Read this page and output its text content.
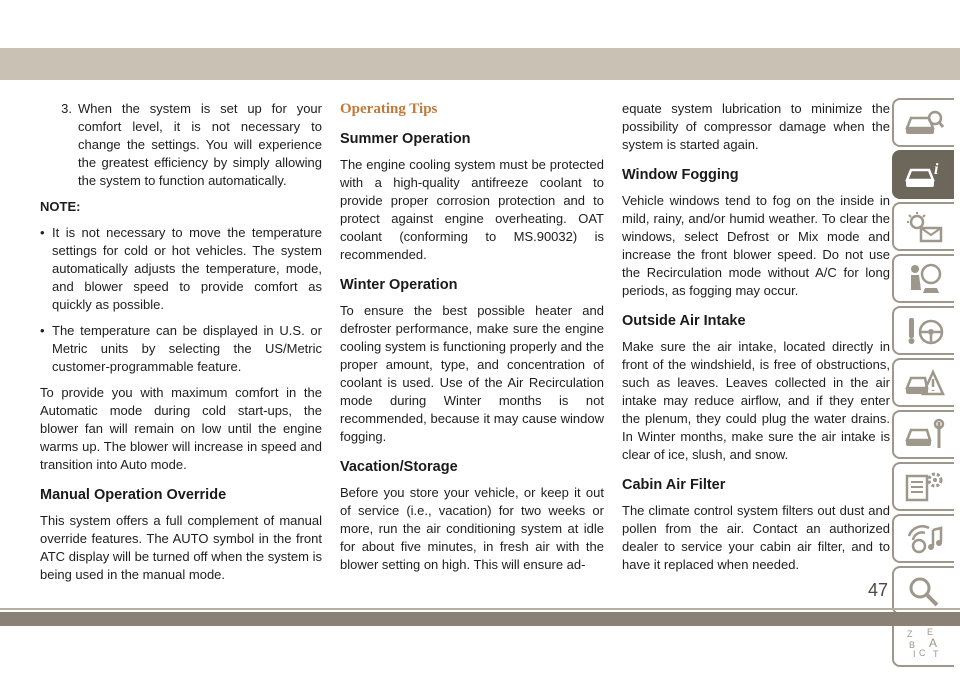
3. When the system is set up for your comfort level, it is not necessary to change the settings. You will experience the greatest efficiency by simply allowing the system to function automatically.
NOTE:
• It is not necessary to move the temperature settings for cold or hot vehicles. The system automatically adjusts the temperature, mode, and blower speed to provide comfort as quickly as possible.
• The temperature can be displayed in U.S. or Metric units by selecting the US/Metric customer-programmable feature.

To provide you with maximum comfort in the Automatic mode during cold start-ups, the blower fan will remain on low until the engine warms up. The blower will increase in speed and transition into Auto mode.

Manual Operation Override

This system offers a full complement of manual override features. The AUTO symbol in the front ATC display will be turned off when the system is being used in the manual mode.

Operating Tips
Summer Operation

The engine cooling system must be protected with a high-quality antifreeze coolant to provide proper corrosion protection and to protect against engine overheating. OAT coolant (conforming to MS.90032) is recommended.

Winter Operation

To ensure the best possible heater and defroster performance, make sure the engine cooling system is functioning properly and the proper amount, type, and concentration of coolant is used. Use of the Air Recirculation mode during Winter months is not recommended, because it may cause window fogging.

Vacation/Storage

Before you store your vehicle, or keep it out of service (i.e., vacation) for two weeks or more, run the air conditioning system at idle for about five minutes, in fresh air with the blower setting on high. This will ensure ad-

equate system lubrication to minimize the possibility of compressor damage when the system is started again.

Window Fogging

Vehicle windows tend to fog on the inside in mild, rainy, and/or humid weather. To clear the windows, select Defrost or Mix mode and increase the front blower speed. Do not use the Recirculation mode without A/C for long periods, as fogging may occur.

Outside Air Intake

Make sure the air intake, located directly in front of the windshield, is free of obstructions, such as leaves. Leaves collected in the air intake may reduce airflow, and if they enter the plenum, they could plug the water drains. In Winter months, make sure the air intake is clear of ice, slush, and snow.

Cabin Air Filter

The climate control system filters out dust and pollen from the air. Contact an authorized dealer to service your cabin air filter, and to have it replaced when needed.

i
Z E
B A
I C T
47
